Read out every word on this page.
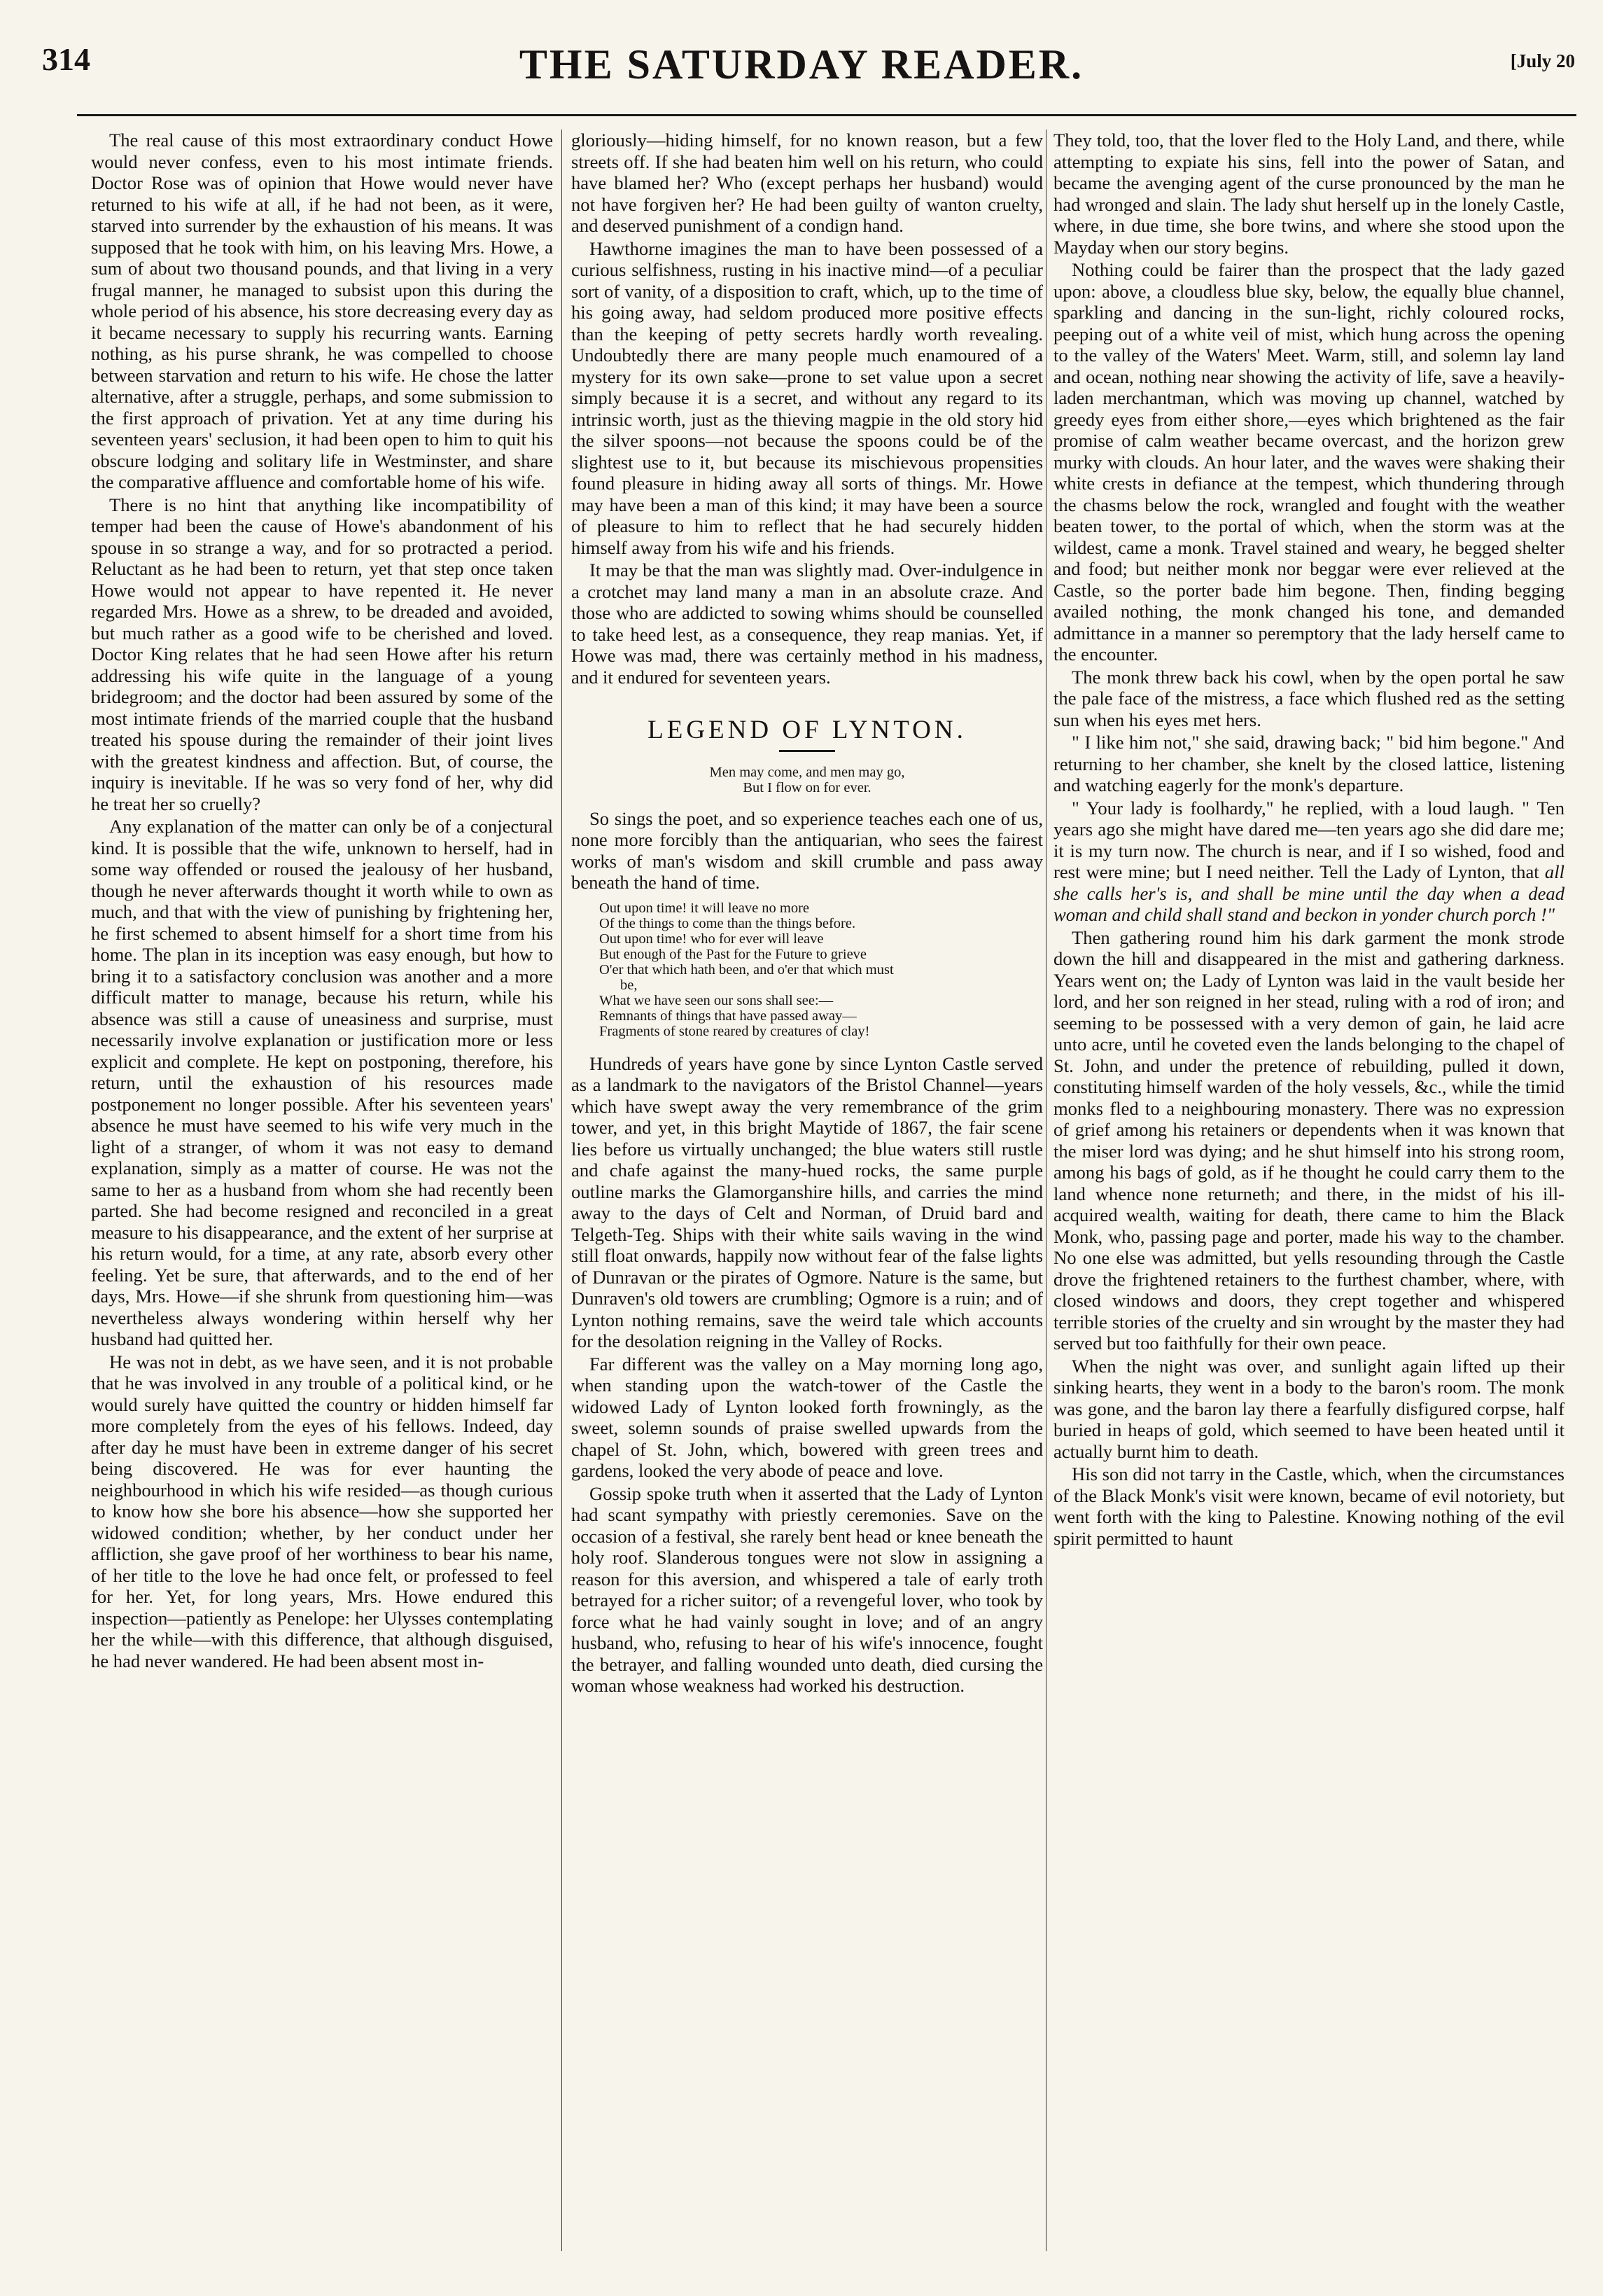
314	THE SATURDAY READER.	[July 20

The real cause of this most extraordinary conduct Howe would never confess, even to his most intimate friends. Doctor Rose was of opinion that Howe would never have returned to his wife at all, if he had not been, as it were, starved into surrender by the exhaustion of his means. It was supposed that he took with him, on his leaving Mrs. Howe, a sum of about two thousand pounds, and that living in a very frugal manner, he managed to subsist upon this during the whole period of his absence, his store decreasing every day as it became necessary to supply his recurring wants. Earning nothing, as his purse shrank, he was compelled to choose between starvation and return to his wife. He chose the latter alternative, after a struggle, perhaps, and some submission to the first approach of privation. Yet at any time during his seventeen years' seclusion, it had been open to him to quit his obscure lodging and solitary life in Westminster, and share the comparative affluence and comfortable home of his wife.

There is no hint that anything like incompatibility of temper had been the cause of Howe's abandonment of his spouse in so strange a way, and for so protracted a period. Reluctant as he had been to return, yet that step once taken Howe would not appear to have repented it. He never regarded Mrs. Howe as a shrew, to be dreaded and avoided, but much rather as a good wife to be cherished and loved. Doctor King relates that he had seen Howe after his return addressing his wife quite in the language of a young bridegroom; and the doctor had been assured by some of the most intimate friends of the married couple that the husband treated his spouse during the remainder of their joint lives with the greatest kindness and affection. But, of course, the inquiry is inevitable. If he was so very fond of her, why did he treat her so cruelly?

Any explanation of the matter can only be of a conjectural kind. It is possible that the wife, unknown to herself, had in some way offended or roused the jealousy of her husband, though he never afterwards thought it worth while to own as much, and that with the view of punishing by frightening her, he first schemed to absent himself for a short time from his home. The plan in its inception was easy enough, but how to bring it to a satisfactory conclusion was another and a more difficult matter to manage, because his return, while his absence was still a cause of uneasiness and surprise, must necessarily involve explanation or justification more or less explicit and complete. He kept on postponing, therefore, his return, until the exhaustion of his resources made postponement no longer possible. After his seventeen years' absence he must have seemed to his wife very much in the light of a stranger, of whom it was not easy to demand explanation, simply as a matter of course. He was not the same to her as a husband from whom she had recently been parted. She had become resigned and reconciled in a great measure to his disappearance, and the extent of her surprise at his return would, for a time, at any rate, absorb every other feeling. Yet be sure, that afterwards, and to the end of her days, Mrs. Howe—if she shrunk from questioning him—was nevertheless always wondering within herself why her husband had quitted her.

He was not in debt, as we have seen, and it is not probable that he was involved in any trouble of a political kind, or he would surely have quitted the country or hidden himself far more completely from the eyes of his fellows. Indeed, day after day he must have been in extreme danger of his secret being discovered. He was for ever haunting the neighbourhood in which his wife resided—as though curious to know how she bore his absence—how she supported her widowed condition; whether, by her conduct under her affliction, she gave proof of her worthiness to bear his name, of her title to the love he had once felt, or professed to feel for her. Yet, for long years, Mrs. Howe endured this inspection—patiently as Penelope: her Ulysses contemplating her the while—with this difference, that although disguised, he had never wandered. He had been absent most in-

gloriously—hiding himself, for no known reason, but a few streets off. If she had beaten him well on his return, who could have blamed her? Who (except perhaps her husband) would not have forgiven her? He had been guilty of wanton cruelty, and deserved punishment of a condign hand.

Hawthorne imagines the man to have been possessed of a curious selfishness, rusting in his inactive mind—of a peculiar sort of vanity, of a disposition to craft, which, up to the time of his going away, had seldom produced more positive effects than the keeping of petty secrets hardly worth revealing. Undoubtedly there are many people much enamoured of a mystery for its own sake—prone to set value upon a secret simply because it is a secret, and without any regard to its intrinsic worth, just as the thieving magpie in the old story hid the silver spoons—not because the spoons could be of the slightest use to it, but because its mischievous propensities found pleasure in hiding away all sorts of things. Mr. Howe may have been a man of this kind; it may have been a source of pleasure to him to reflect that he had securely hidden himself away from his wife and his friends.

It may be that the man was slightly mad. Over-indulgence in a crotchet may land many a man in an absolute craze. And those who are addicted to sowing whims should be counselled to take heed lest, as a consequence, they reap manias. Yet, if Howe was mad, there was certainly method in his madness, and it endured for seventeen years.

LEGEND OF LYNTON.
Men may come, and men may go,
But I flow on for ever.

So sings the poet, and so experience teaches each one of us, none more forcibly than the antiquarian, who sees the fairest works of man's wisdom and skill crumble and pass away beneath the hand of time.

Out upon time! it will leave no more
Of the things to come than the things before.
Out upon time! who for ever will leave
But enough of the Past for the Future to grieve
O'er that which hath been, and o'er that which must
be,
What we have seen our sons shall see:—
Remnants of things that have passed away—
Fragments of stone reared by creatures of clay!

Hundreds of years have gone by since Lynton Castle served as a landmark to the navigators of the Bristol Channel—years which have swept away the very remembrance of the grim tower, and yet, in this bright Maytide of 1867, the fair scene lies before us virtually unchanged; the blue waters still rustle and chafe against the many-hued rocks, the same purple outline marks the Glamorganshire hills, and carries the mind away to the days of Celt and Norman, of Druid bard and Telgeth-Teg. Ships with their white sails waving in the wind still float onwards, happily now without fear of the false lights of Dunravan or the pirates of Ogmore. Nature is the same, but Dunraven's old towers are crumbling; Ogmore is a ruin; and of Lynton nothing remains, save the weird tale which accounts for the desolation reigning in the Valley of Rocks.

Far different was the valley on a May morning long ago, when standing upon the watch-tower of the Castle the widowed Lady of Lynton looked forth frowningly, as the sweet, solemn sounds of praise swelled upwards from the chapel of St. John, which, bowered with green trees and gardens, looked the very abode of peace and love.

Gossip spoke truth when it asserted that the Lady of Lynton had scant sympathy with priestly ceremonies. Save on the occasion of a festival, she rarely bent head or knee beneath the holy roof. Slanderous tongues were not slow in assigning a reason for this aversion, and whispered a tale of early troth betrayed for a richer suitor; of a revengeful lover, who took by force what he had vainly sought in love; and of an angry husband, who, refusing to hear of his wife's innocence, fought the betrayer, and falling wounded unto death, died cursing the woman whose weakness had worked his destruction.

They told, too, that the lover fled to the Holy Land, and there, while attempting to expiate his sins, fell into the power of Satan, and became the avenging agent of the curse pronounced by the man he had wronged and slain. The lady shut herself up in the lonely Castle, where, in due time, she bore twins, and where she stood upon the Mayday when our story begins.

Nothing could be fairer than the prospect that the lady gazed upon: above, a cloudless blue sky, below, the equally blue channel, sparkling and dancing in the sun-light, richly coloured rocks, peeping out of a white veil of mist, which hung across the opening to the valley of the Waters' Meet. Warm, still, and solemn lay land and ocean, nothing near showing the activity of life, save a heavily-laden merchantman, which was moving up channel, watched by greedy eyes from either shore,—eyes which brightened as the fair promise of calm weather became overcast, and the horizon grew murky with clouds. An hour later, and the waves were shaking their white crests in defiance at the tempest, which thundering through the chasms below the rock, wrangled and fought with the weather beaten tower, to the portal of which, when the storm was at the wildest, came a monk. Travel stained and weary, he begged shelter and food; but neither monk nor beggar were ever relieved at the Castle, so the porter bade him begone. Then, finding begging availed nothing, the monk changed his tone, and demanded admittance in a manner so peremptory that the lady herself came to the encounter.

The monk threw back his cowl, when by the open portal he saw the pale face of the mistress, a face which flushed red as the setting sun when his eyes met hers.

" I like him not," she said, drawing back; " bid him begone." And returning to her chamber, she knelt by the closed lattice, listening and watching eagerly for the monk's departure.

" Your lady is foolhardy," he replied, with a loud laugh. " Ten years ago she might have dared me—ten years ago she did dare me; it is my turn now. The church is near, and if I so wished, food and rest were mine; but I need neither. Tell the Lady of Lynton, that all she calls her's is, and shall be mine until the day when a dead woman and child shall stand and beckon in yonder church porch !"

Then gathering round him his dark garment the monk strode down the hill and disappeared in the mist and gathering darkness. Years went on; the Lady of Lynton was laid in the vault beside her lord, and her son reigned in her stead, ruling with a rod of iron; and seeming to be possessed with a very demon of gain, he laid acre unto acre, until he coveted even the lands belonging to the chapel of St. John, and under the pretence of rebuilding, pulled it down, constituting himself warden of the holy vessels, &c., while the timid monks fled to a neighbouring monastery. There was no expression of grief among his retainers or dependents when it was known that the miser lord was dying; and he shut himself into his strong room, among his bags of gold, as if he thought he could carry them to the land whence none returneth; and there, in the midst of his ill-acquired wealth, waiting for death, there came to him the Black Monk, who, passing page and porter, made his way to the chamber. No one else was admitted, but yells resounding through the Castle drove the frightened retainers to the furthest chamber, where, with closed windows and doors, they crept together and whispered terrible stories of the cruelty and sin wrought by the master they had served but too faithfully for their own peace.

When the night was over, and sunlight again lifted up their sinking hearts, they went in a body to the baron's room. The monk was gone, and the baron lay there a fearfully disfigured corpse, half buried in heaps of gold, which seemed to have been heated until it actually burnt him to death.

His son did not tarry in the Castle, which, when the circumstances of the Black Monk's visit were known, became of evil notoriety, but went forth with the king to Palestine. Knowing nothing of the evil spirit permitted to haunt
